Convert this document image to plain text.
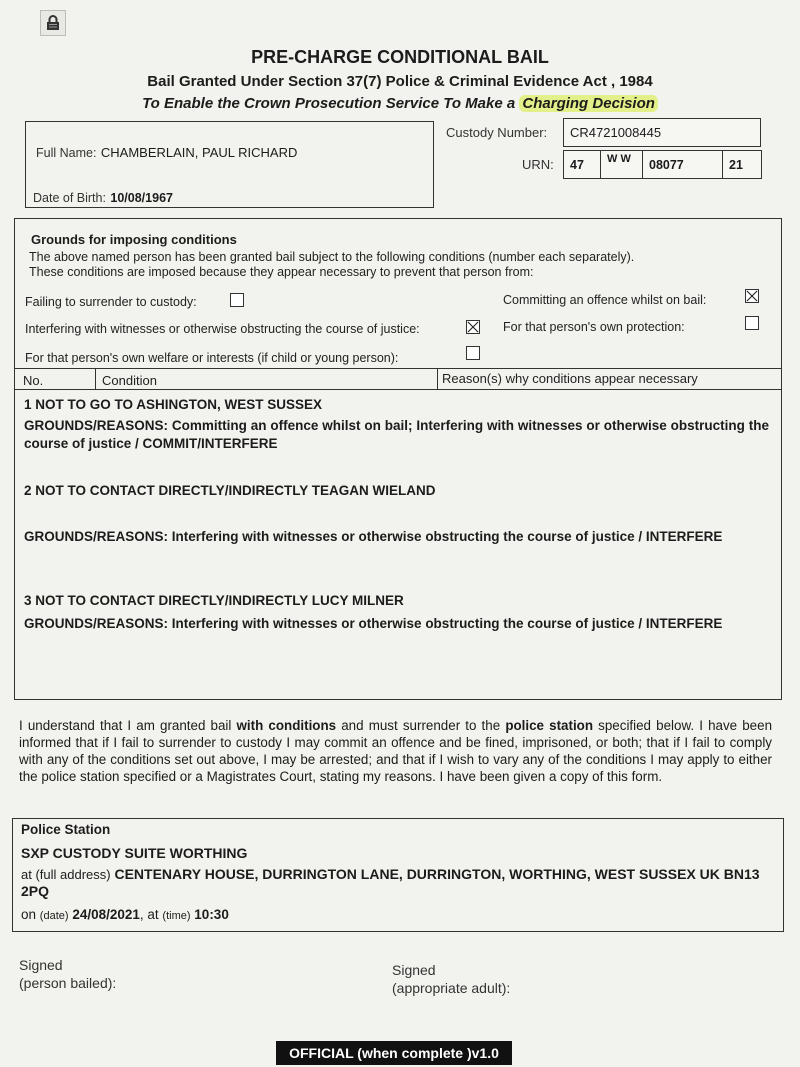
PRE-CHARGE CONDITIONAL BAIL
Bail Granted Under Section 37(7) Police & Criminal Evidence Act , 1984
To Enable the Crown Prosecution Service To Make a Charging Decision
Full Name: CHAMBERLAIN, PAUL RICHARD
Date of Birth: 10/08/1967
Custody Number: CR4721008445
URN:	47	W W	08077	21
Grounds for imposing conditions
The above named person has been granted bail subject to the following conditions (number each separately).
These conditions are imposed because they appear necessary to prevent that person from:
Failing to surrender to custody:	Committing an offence whilst on bail:
Interfering with witnesses or otherwise obstructing the course of justice:	For that person's own protection:
For that person's own welfare or interests (if child or young person):
No.	Condition	Reason(s) why conditions appear necessary
1 NOT TO GO TO ASHINGTON, WEST SUSSEX
GROUNDS/REASONS: Committing an offence whilst on bail; Interfering with witnesses or otherwise obstructing the course of justice / COMMIT/INTERFERE
2 NOT TO CONTACT DIRECTLY/INDIRECTLY TEAGAN WIELAND
GROUNDS/REASONS: Interfering with witnesses or otherwise obstructing the course of justice / INTERFERE
3 NOT TO CONTACT DIRECTLY/INDIRECTLY LUCY MILNER
GROUNDS/REASONS: Interfering with witnesses or otherwise obstructing the course of justice / INTERFERE
I understand that I am granted bail with conditions and must surrender to the police station specified below. I have been informed that if I fail to surrender to custody I may commit an offence and be fined, imprisoned, or both; that if I fail to comply with any of the conditions set out above, I may be arrested; and that if I wish to vary any of the conditions I may apply to either the police station specified or a Magistrates Court, stating my reasons. I have been given a copy of this form.
Police Station
SXP CUSTODY SUITE WORTHING
at (full address) CENTENARY HOUSE, DURRINGTON LANE, DURRINGTON, WORTHING, WEST SUSSEX UK BN13 2PQ
on (date) 24/08/2021, at (time) 10:30
Signed
(person bailed):
Signed
(appropriate adult):
OFFICIAL (when complete )v1.0
